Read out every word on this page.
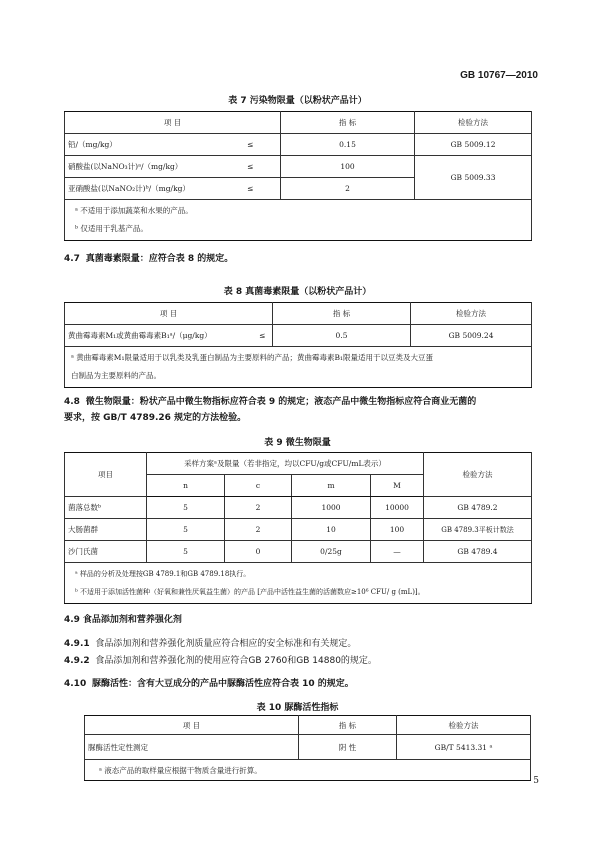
GB 10767—2010
表 7 污染物限量（以粉状产品计）
项 目		指 标	检验方法
铅/（mg/kg）	≤	0.15	GB 5009.12
硝酸盐(以NaNO₃计)ᵃ/（mg/kg）	≤	100	GB 5009.33
亚硝酸盐(以NaNO₂计)ᵇ/（mg/kg）	≤	2	

ᵃ 不适用于添加蔬菜和水果的产品。
ᵇ 仅适用于乳基产品。			
4.7 真菌毒素限量：应符合表 8 的规定。
表 8 真菌毒素限量（以粉状产品计）
项 目		指 标	检验方法
黄曲霉毒素M₁或黄曲霉毒素B₁ᵃ/（μg/kg）	≤	0.5	GB 5009.24

ᵃ 黄曲霉毒素M₁限量适用于以乳类及乳蛋白制品为主要原料的产品；黄曲霉毒素B₁限量适用于以豆类及大豆蛋
白制品为主要原料的产品。			
4.8 微生物限量：粉状产品中微生物指标应符合表 9 的规定；液态产品中微生物指标应符合商业无菌的
要求，按 GB/T 4789.26 规定的方法检验。
表 9 微生物限量
项目	采样方案ᵃ及限量（若非指定，均以CFU/g或CFU/mL表示）				检验方法
	n	c	m	M	
菌落总数ᵇ	5	2	1000	10000	GB 4789.2
大肠菌群	5	2	10	100	GB 4789.3平板计数法
沙门氏菌	5	0	0/25g	—	GB 4789.4

ᵃ 样品的分析及处理按GB 4789.1和GB 4789.18执行。
ᵇ 不适用于添加活性菌种（好氧和兼性厌氧益生菌）的产品 [产品中活性益生菌的活菌数应≥10⁶ CFU/ g (mL)]。					
4.9 食品添加剂和营养强化剂
4.9.1 食品添加剂和营养强化剂质量应符合相应的安全标准和有关规定。
4.9.2 食品添加剂和营养强化剂的使用应符合GB 2760和GB 14880的规定。
4.10 脲酶活性：含有大豆成分的产品中脲酶活性应符合表 10 的规定。
表 10 脲酶活性指标
项 目	指 标	检验方法
脲酶活性定性测定	阴 性	GB/T 5413.31 ᵃ
ᵃ 液态产品的取样量应根据干物质含量进行折算。		
5
